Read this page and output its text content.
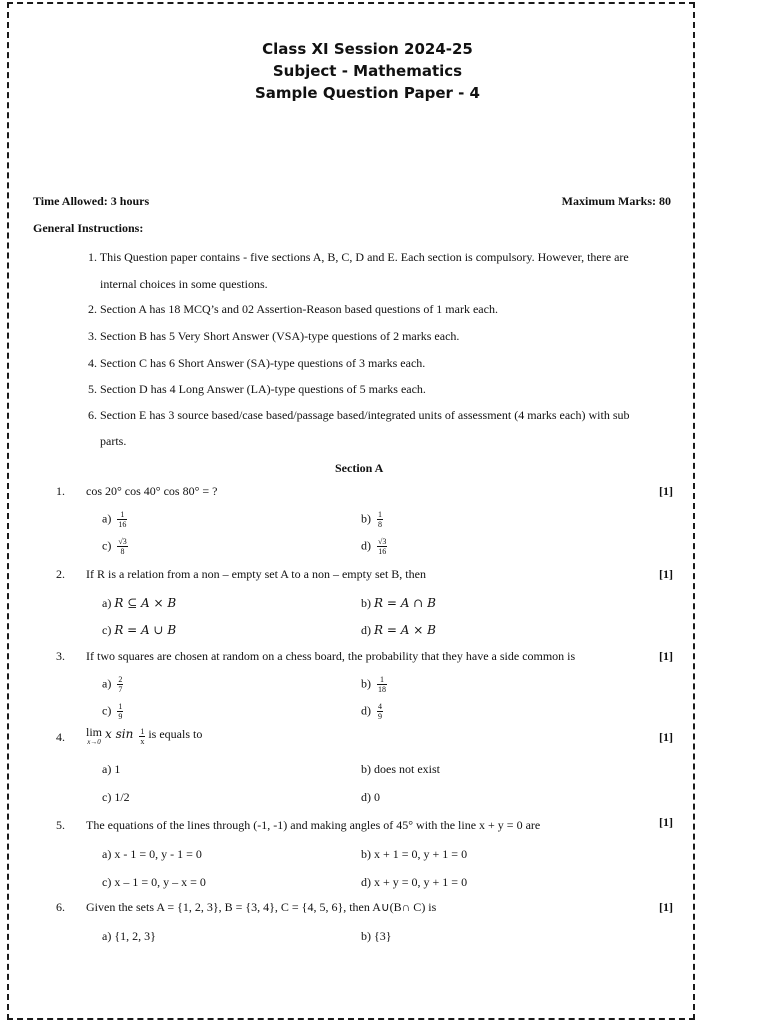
Class XI Session 2024-25
Subject - Mathematics
Sample Question Paper - 4
Time Allowed: 3 hours	Maximum Marks: 80
General Instructions:
1. This Question paper contains - five sections A, B, C, D and E. Each section is compulsory. However, there are
internal choices in some questions.
2. Section A has 18 MCQ’s and 02 Assertion-Reason based questions of 1 mark each.
3. Section B has 5 Very Short Answer (VSA)-type questions of 2 marks each.
4. Section C has 6 Short Answer (SA)-type questions of 3 marks each.
5. Section D has 4 Long Answer (LA)-type questions of 5 marks each.
6. Section E has 3 source based/case based/passage based/integrated units of assessment (4 marks each) with sub
parts.
Section A
1. cos 20° cos 40° cos 80° = ?	[1]
$a) \frac{1}{16}$	$b) \frac{1}{8}$
$c) \frac{√3}{8}$	$d) \frac{√3}{16}$
2. If R is a relation from a non – empty set A to a non – empty set B, then	[1]
a) R ⊆ A × B	b) R = A ∩ B
c) R = A ∪ B	d) R = A × B
3. If two squares are chosen at random on a chess board, the probability that they have a side common is	[1]
$a) \frac{2}{7}$	$b) \frac{1}{18}$
$c) \frac{1}{9}$	$d) \frac{4}{9}$
4. lim
x→0
x $\sin \frac{1}{x}$ is equals to	[1]
a) 1	b) does not exist
c) 1/2	d) 0
5. The equations of the lines through (-1, -1) and making angles of 45° with the line x + y = 0 are	[1]
a) x - 1 = 0, y - 1 = 0	b) x + 1 = 0, y + 1 = 0
c) x – 1 = 0, y – x = 0	d) x + y = 0, y + 1 = 0
6. Given the sets A = {1, 2, 3}, B = {3, 4}, C = {4, 5, 6}, then A∪(B∩ C) is	[1]
a) {1, 2, 3}	b) {3}
